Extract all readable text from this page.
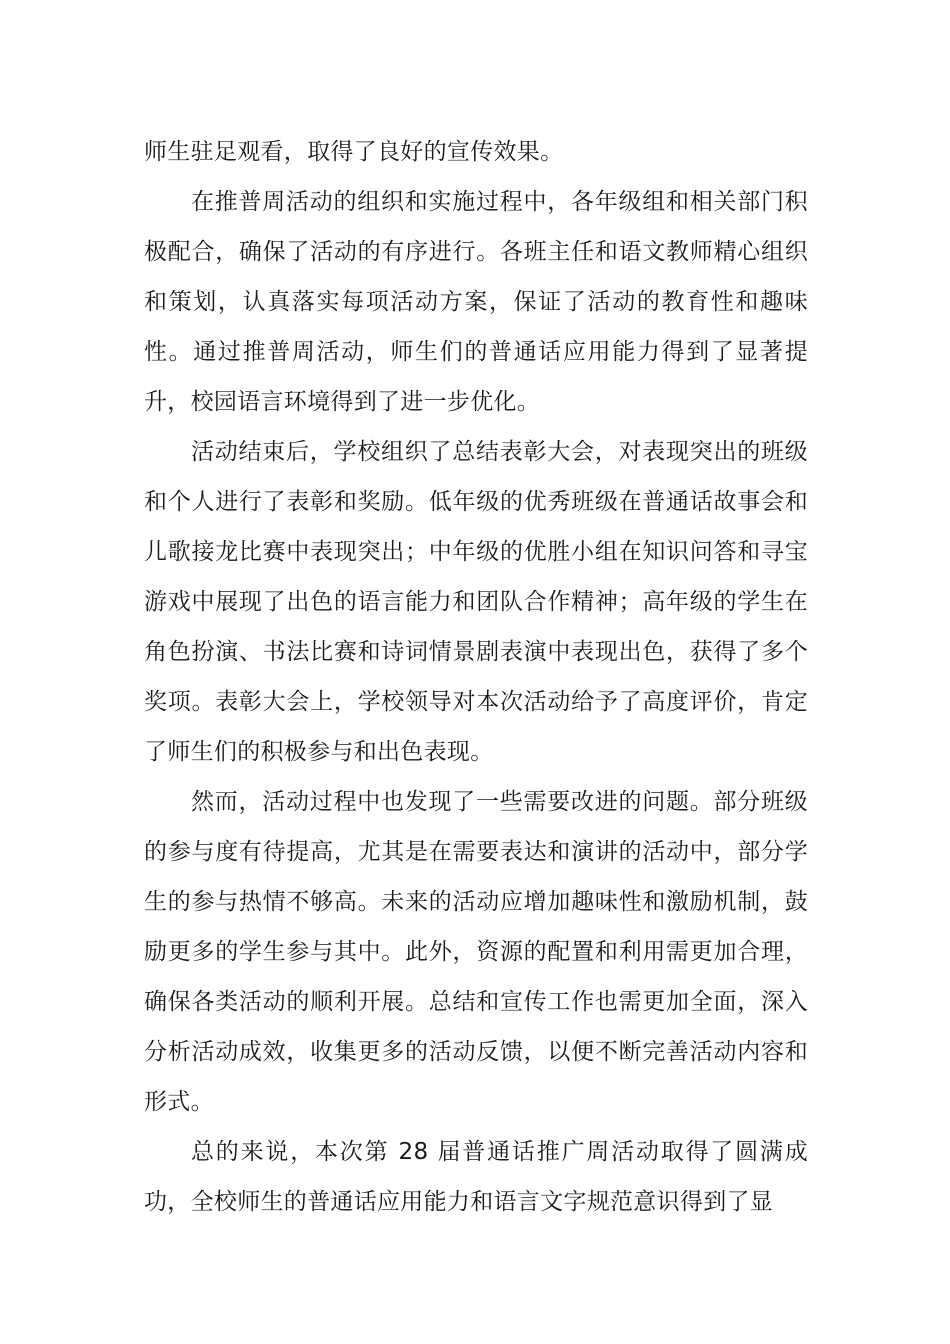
师生驻足观看，取得了良好的宣传效果。

在推普周活动的组织和实施过程中，各年级组和相关部门积极配合，确保了活动的有序进行。各班主任和语文教师精心组织和策划，认真落实每项活动方案，保证了活动的教育性和趣味性。通过推普周活动，师生们的普通话应用能力得到了显著提升，校园语言环境得到了进一步优化。

活动结束后，学校组织了总结表彰大会，对表现突出的班级和个人进行了表彰和奖励。低年级的优秀班级在普通话故事会和儿歌接龙比赛中表现突出；中年级的优胜小组在知识问答和寻宝游戏中展现了出色的语言能力和团队合作精神；高年级的学生在角色扮演、书法比赛和诗词情景剧表演中表现出色，获得了多个奖项。表彰大会上，学校领导对本次活动给予了高度评价，肯定了师生们的积极参与和出色表现。

然而，活动过程中也发现了一些需要改进的问题。部分班级的参与度有待提高，尤其是在需要表达和演讲的活动中，部分学生的参与热情不够高。未来的活动应增加趣味性和激励机制，鼓励更多的学生参与其中。此外，资源的配置和利用需更加合理，确保各类活动的顺利开展。总结和宣传工作也需更加全面，深入分析活动成效，收集更多的活动反馈，以便不断完善活动内容和形式。

总的来说，本次第 28 届普通话推广周活动取得了圆满成功，全校师生的普通话应用能力和语言文字规范意识得到了显
